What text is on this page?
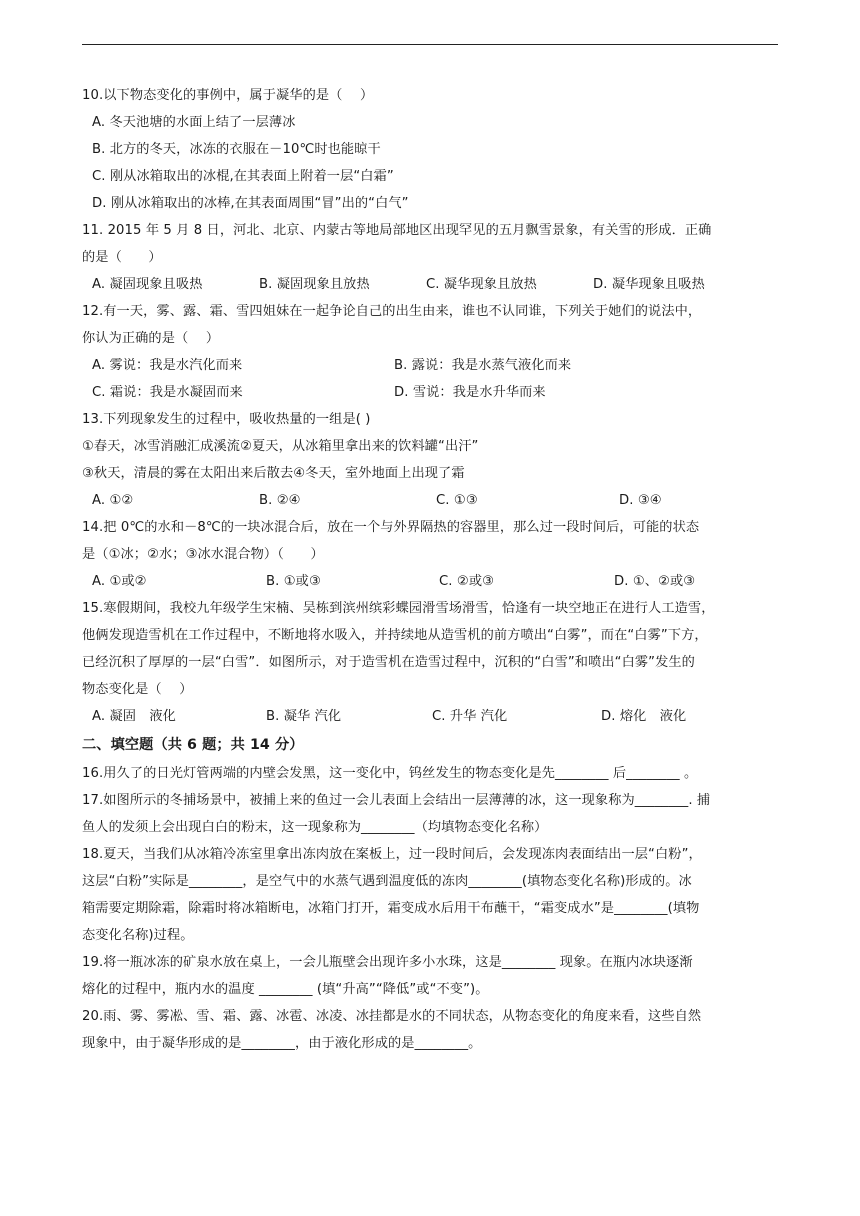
10.以下物态变化的事例中，属于凝华的是（　 ）
A. 冬天池塘的水面上结了一层薄冰
B. 北方的冬天，冰冻的衣服在－10℃时也能晾干
C. 刚从冰箱取出的冰棍,在其表面上附着一层“白霜”
D. 刚从冰箱取出的冰棒,在其表面周围“冒”出的“白气”
11. 2015 年 5 月 8 日，河北、北京、内蒙古等地局部地区出现罕见的五月飘雪景象，有关雪的形成．正确
的是（　　）
A. 凝固现象且吸热	B. 凝固现象且放热	C. 凝华现象且放热	D. 凝华现象且吸热
12.有一天，雾、露、霜、雪四姐妹在一起争论自己的出生由来，谁也不认同谁，下列关于她们的说法中，
你认为正确的是（　 ）
A. 雾说：我是水汽化而来	B. 露说：我是水蒸气液化而来
C. 霜说：我是水凝固而来	D. 雪说：我是水升华而来
13.下列现象发生的过程中，吸收热量的一组是( )
①春天，冰雪消融汇成溪流②夏天，从冰箱里拿出来的饮料罐“出汗”
③秋天，清晨的雾在太阳出来后散去④冬天，室外地面上出现了霜
A. ①②	B. ②④	C. ①③	D. ③④
14.把 0℃的水和－8℃的一块冰混合后，放在一个与外界隔热的容器里，那么过一段时间后，可能的状态
是（①冰；②水；③冰水混合物）（　　）
A. ①或②	B. ①或③	C. ②或③	D. ①、②或③
15.寒假期间，我校九年级学生宋楠、吴栋到滨州缤彩蝶园滑雪场滑雪，恰逢有一块空地正在进行人工造雪，
他俩发现造雪机在工作过程中，不断地将水吸入，并持续地从造雪机的前方喷出“白雾”，而在“白雾”下方，
已经沉积了厚厚的一层“白雪”．如图所示，对于造雪机在造雪过程中，沉积的“白雪”和喷出“白雾”发生的
物态变化是（　 ）
A. 凝固　液化	B. 凝华 汽化	C. 升华 汽化	D. 熔化　液化
二、填空题（共 6 题；共 14 分）
16.用久了的日光灯管两端的内壁会发黑，这一变化中，钨丝发生的物态变化是先________ 后________ 。
17.如图所示的冬捕场景中，被捕上来的鱼过一会儿表面上会结出一层薄薄的冰，这一现象称为________. 捕
鱼人的发须上会出现白白的粉末，这一现象称为________（均填物态变化名称）
18.夏天，当我们从冰箱冷冻室里拿出冻肉放在案板上，过一段时间后，会发现冻肉表面结出一层“白粉”，
这层“白粉”实际是________，是空气中的水蒸气遇到温度低的冻肉________(填物态变化名称)形成的。冰
箱需要定期除霜，除霜时将冰箱断电，冰箱门打开，霜变成水后用干布蘸干，“霜变成水”是________(填物
态变化名称)过程。
19.将一瓶冰冻的矿泉水放在桌上，一会儿瓶壁会出现许多小水珠，这是________ 现象。在瓶内冰块逐渐
熔化的过程中，瓶内水的温度 ________ (填“升高”“降低”或“不变”)。
20.雨、雾、雾凇、雪、霜、露、冰雹、冰凌、冰挂都是水的不同状态，从物态变化的角度来看，这些自然
现象中，由于凝华形成的是________，由于液化形成的是________。
